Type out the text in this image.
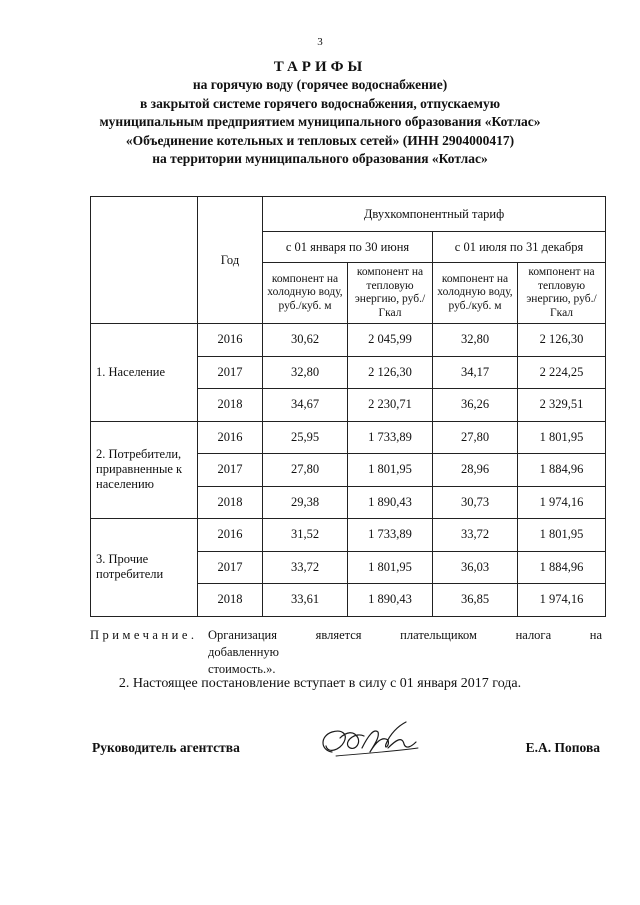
3
ТАРИФЫ
на горячую воду (горячее водоснабжение)
в закрытой системе горячего водоснабжения, отпускаемую
муниципальным предприятием муниципального образования «Котлас»
«Объединение котельных и тепловых сетей» (ИНН 2904000417)
на территории муниципального образования «Котлас»
	Год	Двухкомпонентный тариф			
		с 01 января по 30 июня		с 01 июля по 31 декабря	
		компонент на холодную воду, руб./куб. м	компонент на тепловую энергию, руб./Гкал	компонент на холодную воду, руб./куб. м	компонент на тепловую энергию, руб./Гкал
1. Население	2016	30,62	2 045,99	32,80	2 126,30
	2017	32,80	2 126,30	34,17	2 224,25
	2018	34,67	2 230,71	36,26	2 329,51
2. Потребители, приравненные к населению	2016	25,95	1 733,89	27,80	1 801,95
	2017	27,80	1 801,95	28,96	1 884,96
	2018	29,38	1 890,43	30,73	1 974,16
3. Прочие потребители	2016	31,52	1 733,89	33,72	1 801,95
	2017	33,72	1 801,95	36,03	1 884,96
	2018	33,61	1 890,43	36,85	1 974,16
Примечание. Организация является плательщиком налога на добавленную
стоимость.».
2. Настоящее постановление вступает в силу с 01 января 2017 года.
Руководитель агентства	Е.А. Попова
